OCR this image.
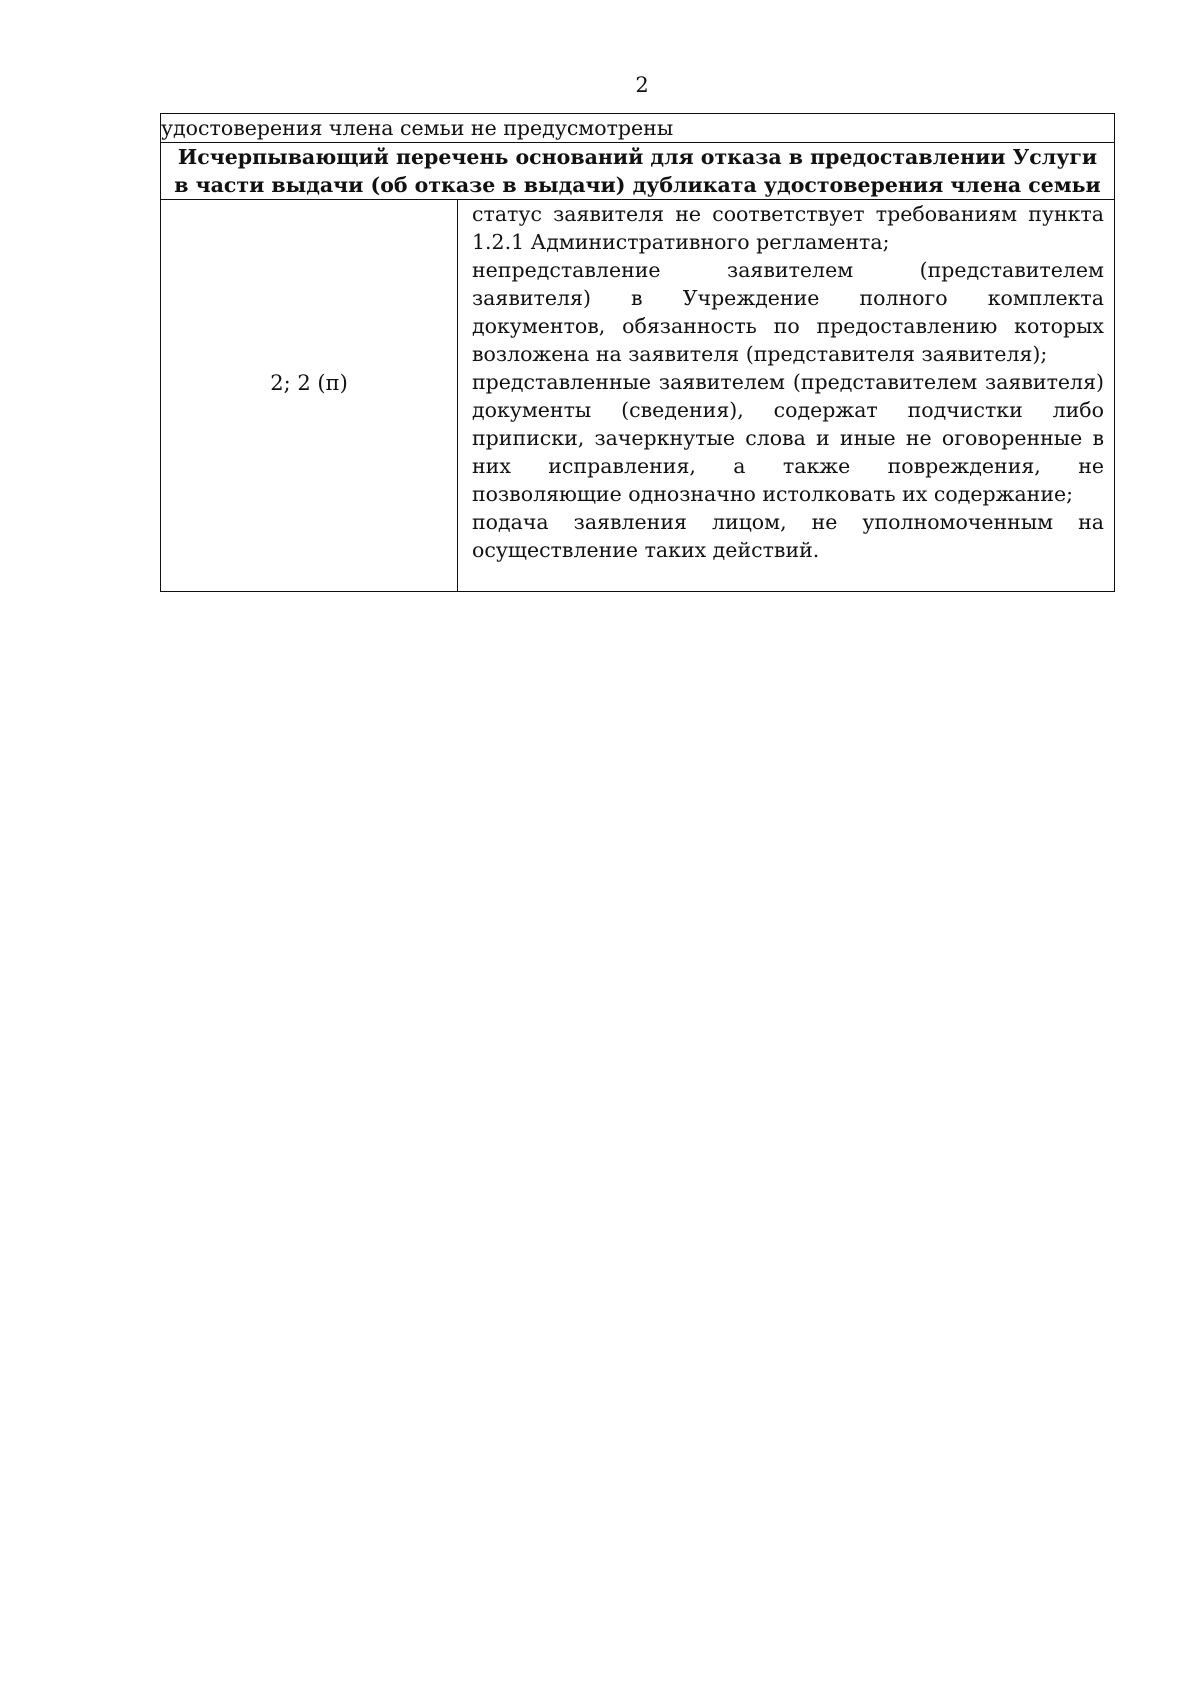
2
удостоверения члена семьи не предусмотрены

Исчерпывающий перечень оснований для отказа в предоставлении Услуги
в части выдачи (об отказе в выдачи) дубликата удостоверения члена семьи

2; 2 (п)	
статус заявителя не соответствует требованиям пункта 1.2.1 Административного регламента;
непредставление заявителем (представителем заявителя) в Учреждение полного комплекта документов, обязанность по предоставлению которых возложена на заявителя (представителя заявителя);
представленные заявителем (представителем заявителя) документы (сведения), содержат подчистки либо приписки, зачеркнутые слова и иные не оговоренные в них исправления, а также повреждения, не позволяющие однозначно истолковать их содержание;
подача заявления лицом, не уполномоченным на осуществление таких действий.
